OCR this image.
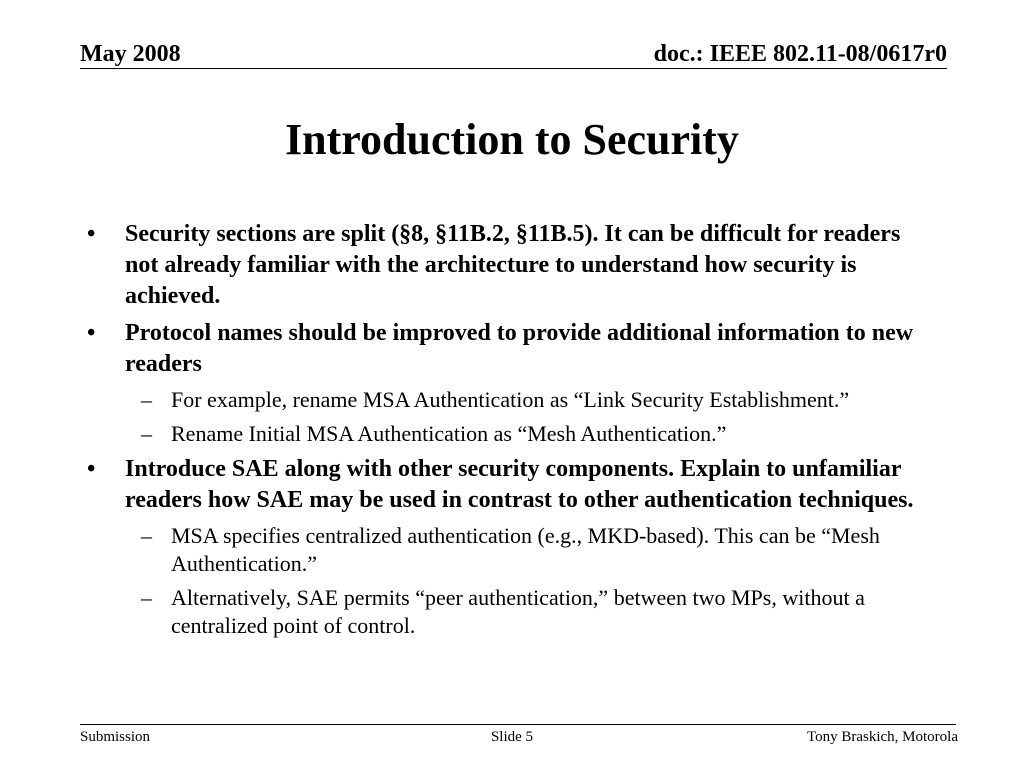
May 2008	doc.: IEEE 802.11-08/0617r0
Introduction to Security
• Security sections are split (§8, §11B.2, §11B.5). It can be difficult for readers not already familiar with the architecture to understand how security is achieved.
• Protocol names should be improved to provide additional information to new readers
– For example, rename MSA Authentication as “Link Security Establishment.”
– Rename Initial MSA Authentication as “Mesh Authentication.”
• Introduce SAE along with other security components. Explain to unfamiliar readers how SAE may be used in contrast to other authentication techniques.
– MSA specifies centralized authentication (e.g., MKD-based). This can be “Mesh Authentication.”
– Alternatively, SAE permits “peer authentication,” between two MPs, without a centralized point of control.
Submission	Slide 5	Tony Braskich, Motorola
